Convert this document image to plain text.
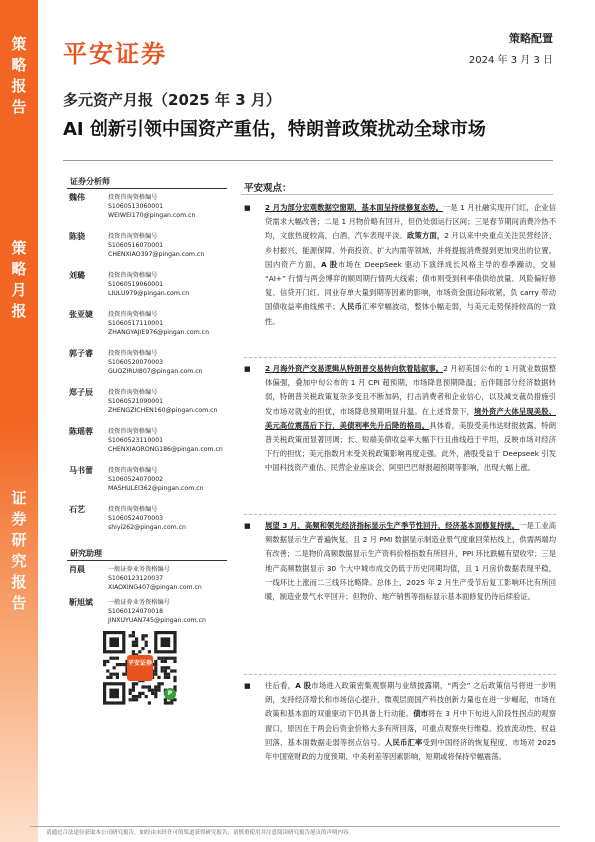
策
略
报
告
策
略
月
报
证
券
研
究
报
告
平安证券
策略配置
2024 年 3 月 3 日
多元资产月报（2025 年 3 月）
AI 创新引领中国资产重估，特朗普政策扰动全球市场
证券分析师
魏伟	投资咨询资格编号
S1060513060001
WEIWEI170@pingan.com.cn
陈骁	投资咨询资格编号
S1060516070001
CHENXIAO397@pingan.com.cn
刘璐	投资咨询资格编号
S1060519060001
LIULU979@pingan.com.cn
张亚婕	投资咨询资格编号
S1060517110001
ZHANGYAJIE976@pingan.com.cn
郭子睿	投资咨询资格编号
S1060520070003
GUOZIRUI807@pingan.com.cn
郑子辰	投资咨询资格编号
S1060521090001
ZHENGZICHEN160@pingan.com.cn
陈瑶蓉	投资咨询资格编号
S1060523110001
CHENXIAORONG186@pingan.com.cn
马书蕾	投资咨询资格编号
S1060524070002
MASHULEI362@pingan.com.cn
石艺	投资咨询资格编号
S1060524070003
shiyi262@pingan.com.cn
研究助理
肖晨	一般证券业务资格编号
S1060123120037
XIAOXING407@pingan.com.cn
靳旭斌	一般证券业务资格编号
S1060124070018
JINXUYUAN745@pingan.com.cn
平安证券
P
平安观点：
■	2 月为部分宏观数据空窗期，基本面呈持续修复态势。一是 1 月社融实现开门红，企业信贷需求大幅改善；二是 1 月物价略有回升，但仍处弱运行区间；三是春节期间消费冷热不均，文旅热度较高，白酒、汽车表现平淡。政策方面，2 月以来中央重点关注民营经济、乡村振兴、能源保障、外商投资、扩大内需等领域，并将提振消费提到更加突出的位置。国内资产方面，A 股市场在 DeepSeek 驱动下演绎成长风格主导的春季躁动，交易 “AI+” 行情与两会博弈的顺周期行情两大线索；债市则受到利率债供给放量、风险偏好修复、信贷开门红、同业存单大量到期等因素的影响，市场资金面边际收紧，负 carry 带动国债收益率曲线熊平；人民币汇率窄幅波动，整体小幅走弱，与美元走势保持较高的一致性。
■	2 月海外资产交易逻辑从特朗普交易转向软着陆叙事。2 月初美国公布的 1 月就业数据整体偏强，叠加中旬公布的 1 月 CPI 超预期，市场降息预期降温；后伴随部分经济数据转弱，特朗普关税政策复杂多变且不断加码，打击消费者和企业信心，以及减支裁员措施引发市场对就业的担忧，市场降息预期明显升温。在上述背景下，境外资产大体呈现美股、美元高位震荡后下行，美债利率先升后降的格局。具体看，美股受美伟达财报披露、特朗普关税政策而显著回调；长、短端美债收益率大幅下行且曲线趋于平坦，反映市场对经济下行的担忧；美元指数月末受关税政策影响再度走强。此外，港股受益于 Deepseek 引发中国科技资产重估、民营企业座谈会、阿里巴巴财报超预期等影响，出现大幅上涨。
■	展望 3 月，高频和领先经济指标显示生产季节性回升，经济基本面修复持续。一是工业高频数据显示生产普遍恢复，且 2 月 PMI 数据显示制造业景气度重回荣枯线上，供需两端均有改善；二是物价高频数据显示生产资料价格指数有所回升，PPI 环比跌幅有望收窄；三是地产高频数据显示 30 个大中城市成交仍低于历史同期均值，且 1 月房价数据表现平稳，一线环比上涨而二三线环比略降。总体上，2025 年 2 月生产受节后复工影响环比有所回暖，制造业景气水平回升；但物价、地产销售等指标显示基本面修复仍待后续验证。
■	往后看，A 股市场进入政策密集观察期与业绩披露期，“两会” 之后政策信号将进一步明朗，支持经济增长和市场信心提升，微观层面国产科技创新力量也在进一步崛起，市场在政策和基本面的双重驱动下仍具备上行动能。债市将在 3 月中下旬进入阶段性拐点的观察窗口，原因在于两会后资金价格大多有所回落，可重点观察央行维稳、投放流动性、权益回落、基本面数据走弱等拐点信号。人民币汇率受到中国经济的恢复程度、市场对 2025 年中国宽财政的力度预期、中美利差等因素影响，短期或将保持窄幅震荡。
请通过合法途径获取本公司研究报告，如经由未经许可的渠道获得研究报告，请慎重使用并注意阅读研究报告尾页的声明内容。
